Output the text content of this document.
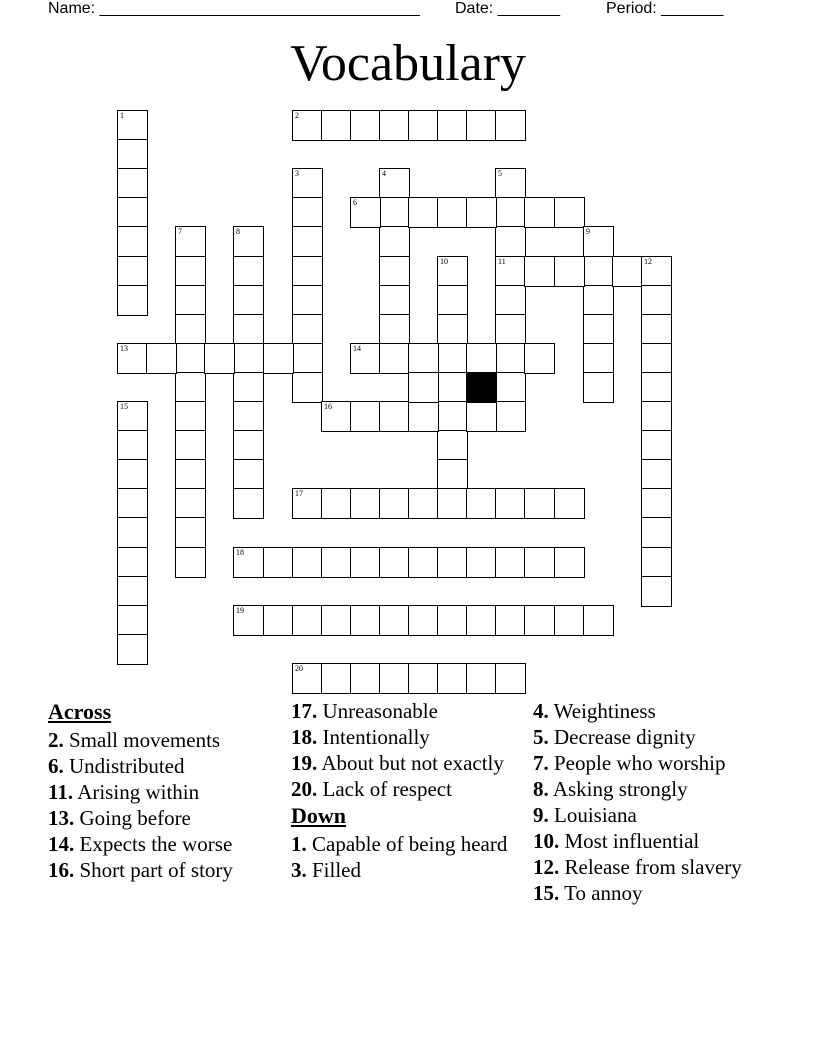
Name: ____________________________________ Date: _______	Period: _______
Vocabulary
1	2
3	4	5
11
6
7	8	9
10	12
13	14
15	16
17
18
19
20
Across
2. Small movements
6. Undistributed
11. Arising within
13. Going before
14. Expects the worse
16. Short part of story
17. Unreasonable
18. Intentionally
19. About but not exactly
20. Lack of respect
Down
1. Capable of being heard
3. Filled
4. Weightiness
5. Decrease dignity
7. People who worship
8. Asking strongly
9. Louisiana
10. Most influential
12. Release from slavery
15. To annoy
